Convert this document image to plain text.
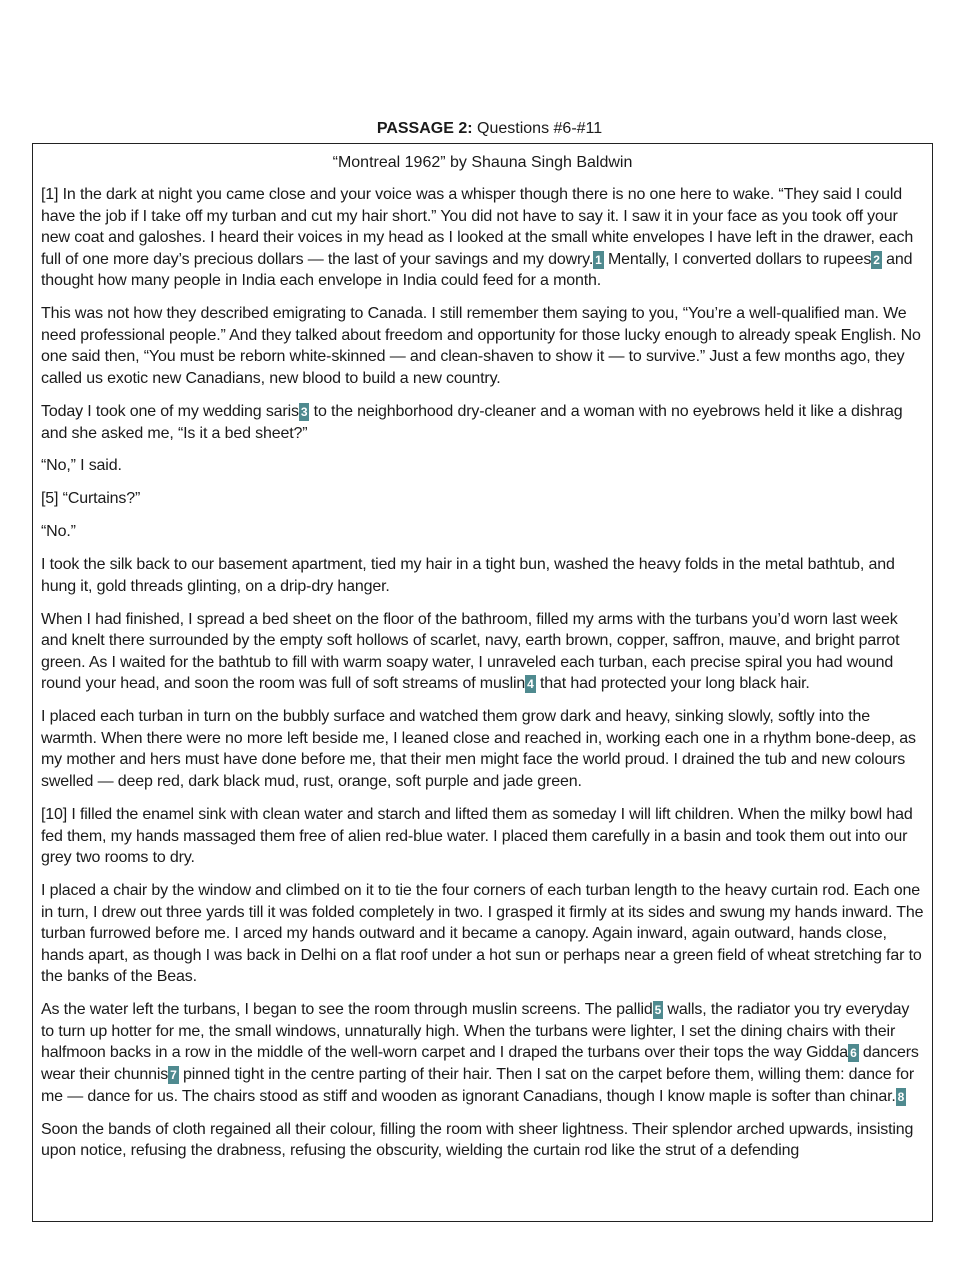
PASSAGE 2: Questions #6-#11
“Montreal 1962” by Shauna Singh Baldwin

[1] In the dark at night you came close and your voice was a whisper though there is no one here to wake. “They said I could have the job if I take off my turban and cut my hair short.” You did not have to say it. I saw it in your face as you took off your new coat and galoshes. I heard their voices in my head as I looked at the small white envelopes I have left in the drawer, each full of one more day’s precious dollars — the last of your savings and my dowry. 1 Mentally, I converted dollars to rupees 2 and thought how many people in India each envelope in India could feed for a month.

This was not how they described emigrating to Canada. I still remember them saying to you, “You’re a well-qualified man. We need professional people.” And they talked about freedom and opportunity for those lucky enough to already speak English. No one said then, “You must be reborn white-skinned — and clean-shaven to show it — to survive.” Just a few months ago, they called us exotic new Canadians, new blood to build a new country.

Today I took one of my wedding saris 3 to the neighborhood dry-cleaner and a woman with no eyebrows held it like a dishrag and she asked me, “Is it a bed sheet?”

“No,” I said.

[5] “Curtains?”

“No.”

I took the silk back to our basement apartment, tied my hair in a tight bun, washed the heavy folds in the metal bathtub, and hung it, gold threads glinting, on a drip-dry hanger.

When I had finished, I spread a bed sheet on the floor of the bathroom, filled my arms with the turbans you’d worn last week and knelt there surrounded by the empty soft hollows of scarlet, navy, earth brown, copper, saffron, mauve, and bright parrot green. As I waited for the bathtub to fill with warm soapy water, I unraveled each turban, each precise spiral you had wound round your head, and soon the room was full of soft streams of muslin 4 that had protected your long black hair.

I placed each turban in turn on the bubbly surface and watched them grow dark and heavy, sinking slowly, softly into the warmth. When there were no more left beside me, I leaned close and reached in, working each one in a rhythm bone-deep, as my mother and hers must have done before me, that their men might face the world proud. I drained the tub and new colours swelled — deep red, dark black mud, rust, orange, soft purple and jade green.

[10] I filled the enamel sink with clean water and starch and lifted them as someday I will lift children. When the milky bowl had fed them, my hands massaged them free of alien red-blue water. I placed them carefully in a basin and took them out into our grey two rooms to dry.

I placed a chair by the window and climbed on it to tie the four corners of each turban length to the heavy curtain rod. Each one in turn, I drew out three yards till it was folded completely in two. I grasped it firmly at its sides and swung my hands inward. The turban furrowed before me. I arced my hands outward and it became a canopy. Again inward, again outward, hands close, hands apart, as though I was back in Delhi on a flat roof under a hot sun or perhaps near a green field of wheat stretching far to the banks of the Beas.

As the water left the turbans, I began to see the room through muslin screens. The pallid 5 walls, the radiator you try everyday to turn up hotter for me, the small windows, unnaturally high. When the turbans were lighter, I set the dining chairs with their halfmoon backs in a row in the middle of the well-worn carpet and I draped the turbans over their tops the way Gidda 6 dancers wear their chunnis 7 pinned tight in the centre parting of their hair. Then I sat on the carpet before them, willing them: dance for me — dance for us. The chairs stood as stiff and wooden as ignorant Canadians, though I know maple is softer than chinar. 8

Soon the bands of cloth regained all their colour, filling the room with sheer lightness. Their splendor arched upwards, insisting upon notice, refusing the drabness, refusing the obscurity, wielding the curtain rod like the strut of a defending
